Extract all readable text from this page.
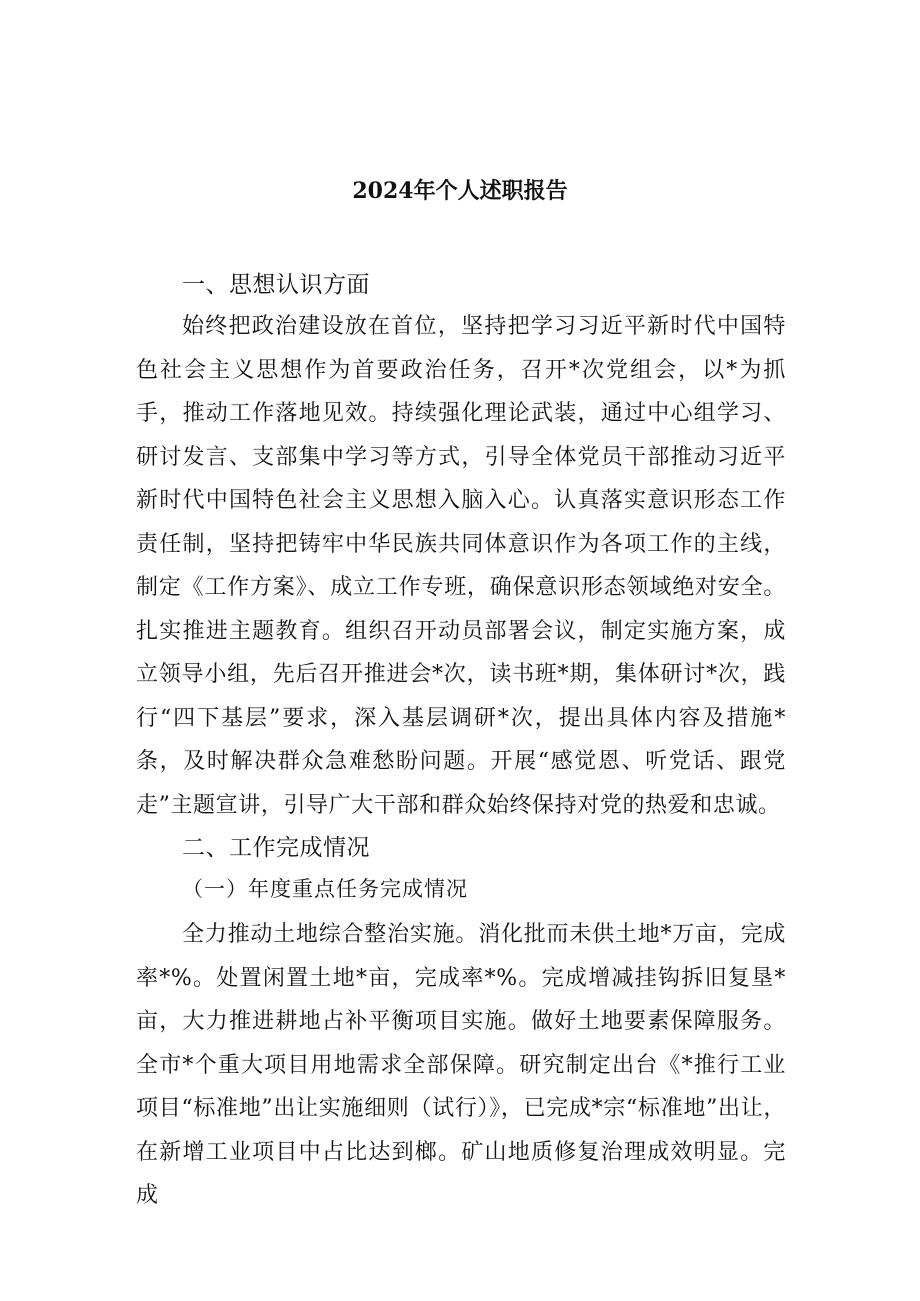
2024年个人述职报告
一、思想认识方面

始终把政治建设放在首位，坚持把学习习近平新时代中国特色社会主义思想作为首要政治任务，召开*次党组会，以*为抓手，推动工作落地见效。持续强化理论武装，通过中心组学习、研讨发言、支部集中学习等方式，引导全体党员干部推动习近平新时代中国特色社会主义思想入脑入心。认真落实意识形态工作责任制，坚持把铸牢中华民族共同体意识作为各项工作的主线，制定《工作方案》、成立工作专班，确保意识形态领域绝对安全。扎实推进主题教育。组织召开动员部署会议，制定实施方案，成立领导小组，先后召开推进会*次，读书班*期，集体研讨*次，践行“四下基层”要求，深入基层调研*次，提出具体内容及措施*条，及时解决群众急难愁盼问题。开展“感觉恩、听党话、跟党走”主题宣讲，引导广大干部和群众始终保持对党的热爱和忠诚。

二、工作完成情况
（一）年度重点任务完成情况

全力推动土地综合整治实施。消化批而未供土地*万亩，完成率*%。处置闲置土地*亩，完成率*%。完成增减挂钩拆旧复垦*亩，大力推进耕地占补平衡项目实施。做好土地要素保障服务。全市*个重大项目用地需求全部保障。研究制定出台《*推行工业项目“标准地”出让实施细则（试行）》，已完成*宗“标准地”出让，在新增工业项目中占比达到榔。矿山地质修复治理成效明显。完成
